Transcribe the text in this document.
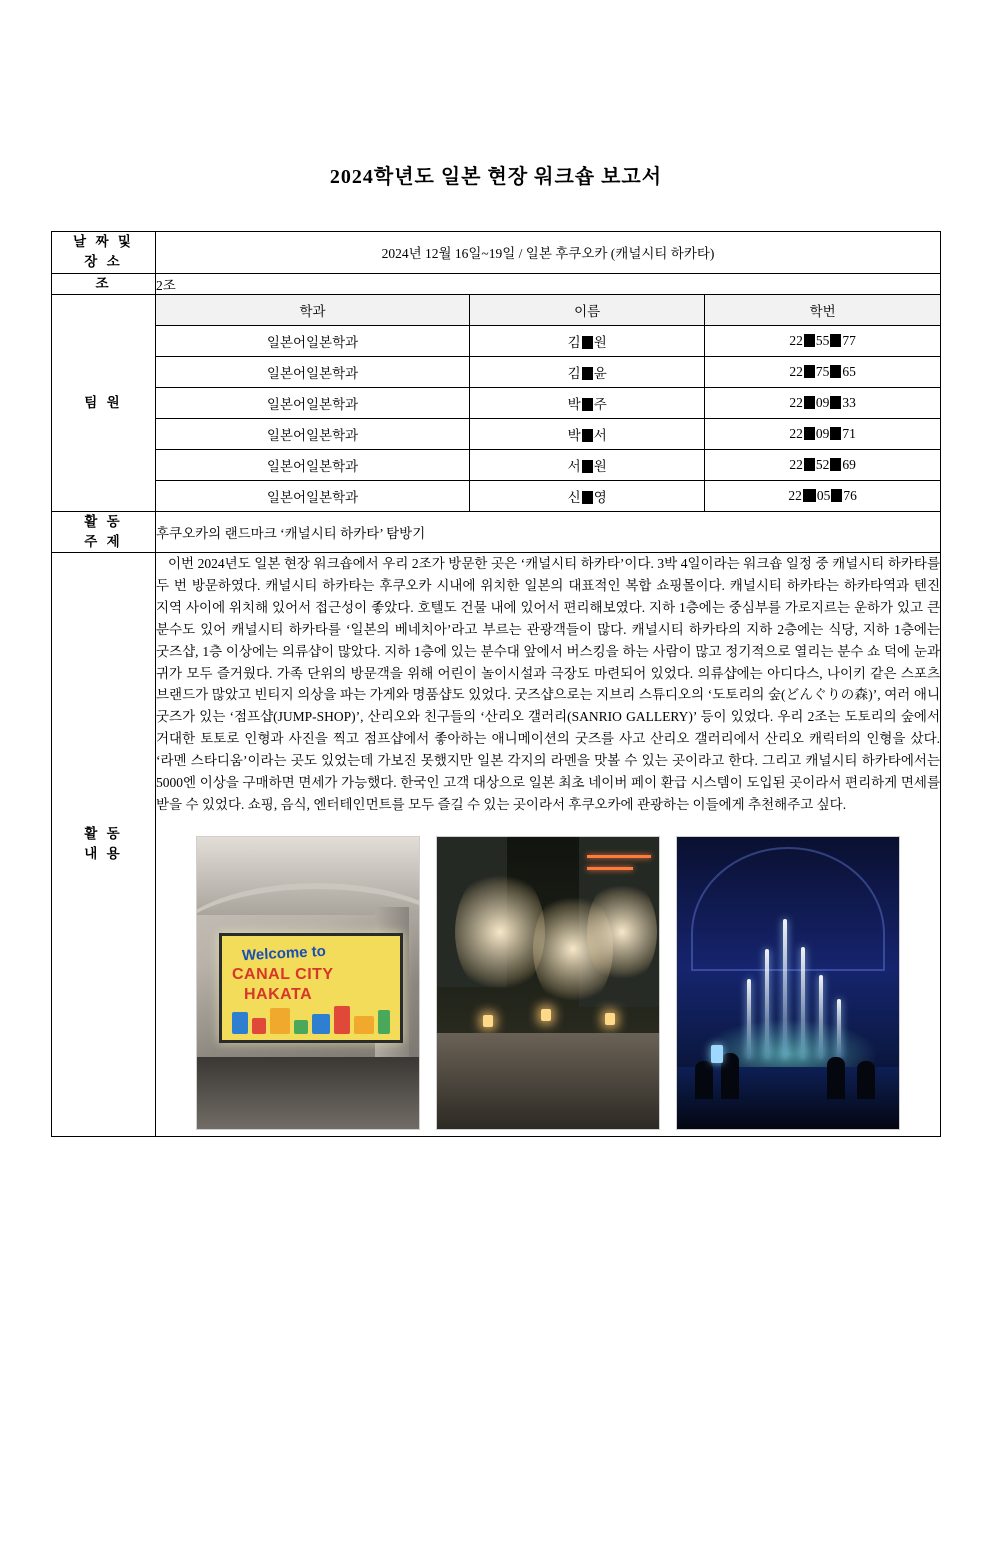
2024학년도 일본 현장 워크숍 보고서
날 짜 및
장 소
	2024년 12월 16일~19일 / 일본 후쿠오카 (캐널시티 하카타)
조	2조
팀 원	
학과	이름	학번
일본어일본학과	김 원	22 55 77
일본어일본학과	김 윤	22 75 65
일본어일본학과	박 주	22 09 33
일본어일본학과	박 서	22 09 71
일본어일본학과	서 원	22 52 69
일본어일본학과	신 영	22 05 76

활 동
주 제
	후쿠오카의 랜드마크 ‘캐널시티 하카타’ 탐방기

활 동
내 용

이번 2024년도 일본 현장 워크숍에서 우리 2조가 방문한 곳은 ‘캐널시티 하카타’이다. 3박 4일이라는 워크숍 일정 중 캐널시티 하카타를 두 번 방문하였다. 캐널시티 하카타는 후쿠오카 시내에 위치한 일본의 대표적인 복합 쇼핑몰이다. 캐널시티 하카타는 하카타역과 텐진 지역 사이에 위치해 있어서 접근성이 좋았다. 호텔도 건물 내에 있어서 편리해보였다. 지하 1층에는 중심부를 가로지르는 운하가 있고 큰 분수도 있어 캐널시티 하카타를 ‘일본의 베네치아’라고 부르는 관광객들이 많다. 캐널시티 하카타의 지하 2층에는 식당, 지하 1층에는 굿즈샵, 1층 이상에는 의류샵이 많았다. 지하 1층에 있는 분수대 앞에서 버스킹을 하는 사람이 많고 정기적으로 열리는 분수 쇼 덕에 눈과 귀가 모두 즐거웠다. 가족 단위의 방문객을 위해 어린이 놀이시설과 극장도 마련되어 있었다. 의류샵에는 아디다스, 나이키 같은 스포츠 브랜드가 많았고 빈티지 의상을 파는 가게와 명품샵도 있었다. 굿즈샵으로는 지브리 스튜디오의 ‘도토리의 숲(どんぐりの森)’, 여러 애니 굿즈가 있는 ‘점프샵(JUMP-SHOP)’, 산리오와 친구들의 ‘산리오 갤러리(SANRIO GALLERY)’ 등이 있었다. 우리 2조는 도토리의 숲에서 거대한 토토로 인형과 사진을 찍고 점프샵에서 좋아하는 애니메이션의 굿즈를 사고 산리오 갤러리에서 산리오 캐릭터의 인형을 샀다. ‘라멘 스타디움’이라는 곳도 있었는데 가보진 못했지만 일본 각지의 라멘을 맛볼 수 있는 곳이라고 한다. 그리고 캐널시티 하카타에서는 5000엔 이상을 구매하면 면세가 가능했다. 한국인 고객 대상으로 일본 최초 네이버 페이 환급 시스템이 도입된 곳이라서 편리하게 면세를 받을 수 있었다. 쇼핑, 음식, 엔터테인먼트를 모두 즐길 수 있는 곳이라서 후쿠오카에 관광하는 이들에게 추천해주고 싶다.

Welcome to
CANAL CITY
HAKATA
